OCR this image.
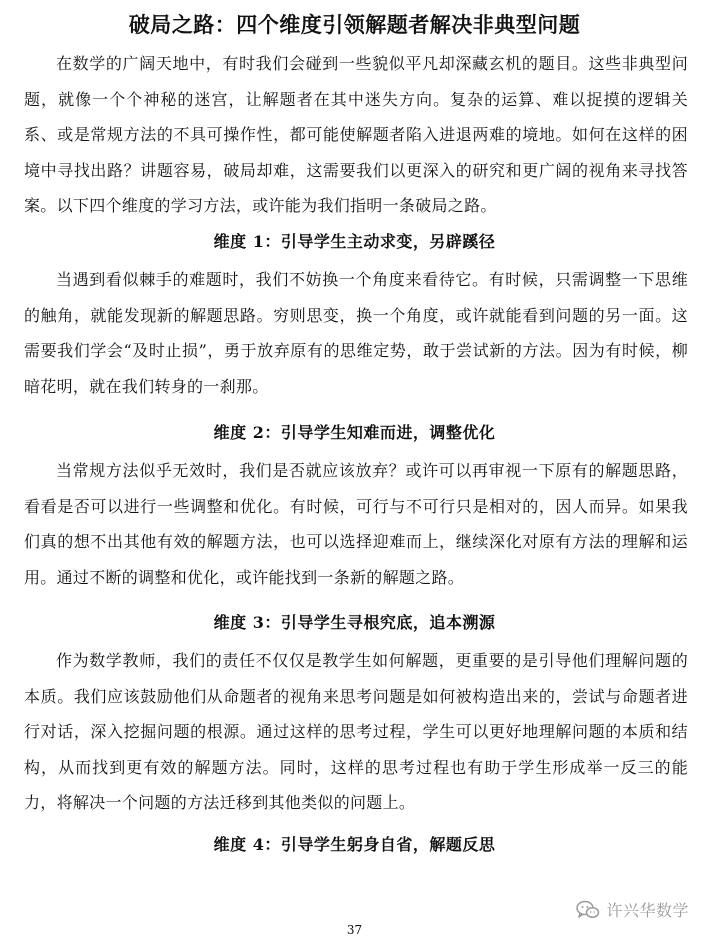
破局之路：四个维度引领解题者解决非典型问题

在数学的广阔天地中，有时我们会碰到一些貌似平凡却深藏玄机的题目。这些非典型问题，就像一个个神秘的迷宫，让解题者在其中迷失方向。复杂的运算、难以捉摸的逻辑关系、或是常规方法的不具可操作性，都可能使解题者陷入进退两难的境地。如何在这样的困境中寻找出路？讲题容易，破局却难，这需要我们以更深入的研究和更广阔的视角来寻找答案。以下四个维度的学习方法，或许能为我们指明一条破局之路。

维度 1：引导学生主动求变，另辟蹊径

当遇到看似棘手的难题时，我们不妨换一个角度来看待它。有时候，只需调整一下思维的触角，就能发现新的解题思路。穷则思变，换一个角度，或许就能看到问题的另一面。这需要我们学会“及时止损”，勇于放弃原有的思维定势，敢于尝试新的方法。因为有时候，柳暗花明，就在我们转身的一刹那。

维度 2：引导学生知难而进，调整优化

当常规方法似乎无效时，我们是否就应该放弃？或许可以再审视一下原有的解题思路，看看是否可以进行一些调整和优化。有时候，可行与不可行只是相对的，因人而异。如果我们真的想不出其他有效的解题方法，也可以选择迎难而上，继续深化对原有方法的理解和运用。通过不断的调整和优化，或许能找到一条新的解题之路。

维度 3：引导学生寻根究底，追本溯源

作为数学教师，我们的责任不仅仅是教学生如何解题，更重要的是引导他们理解问题的本质。我们应该鼓励他们从命题者的视角来思考问题是如何被构造出来的，尝试与命题者进行对话，深入挖掘问题的根源。通过这样的思考过程，学生可以更好地理解问题的本质和结构，从而找到更有效的解题方法。同时，这样的思考过程也有助于学生形成举一反三的能力，将解决一个问题的方法迁移到其他类似的问题上。

维度 4：引导学生躬身自省，解题反思
许兴华数学
37
